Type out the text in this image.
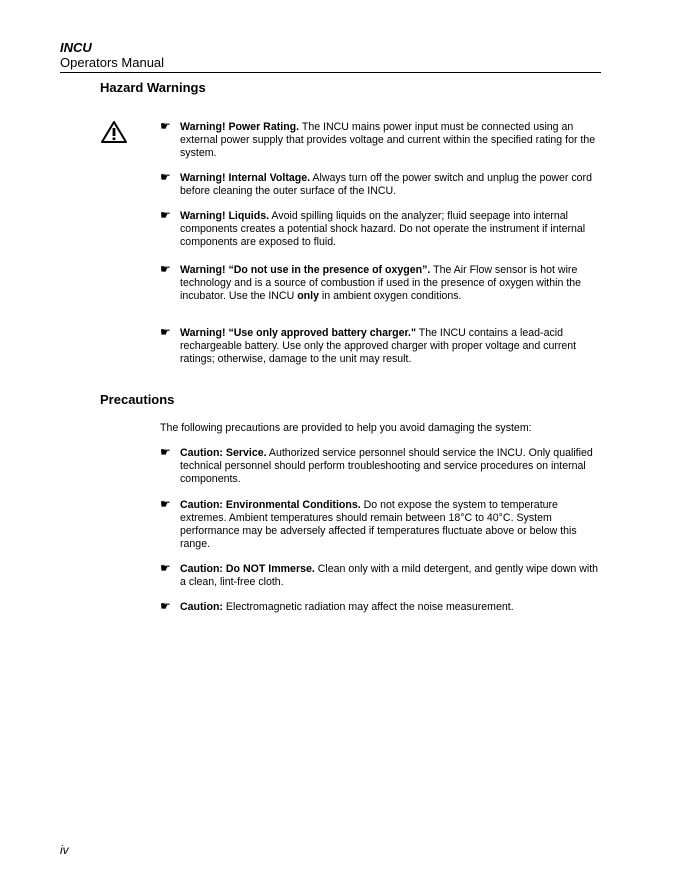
INCU
Operators Manual
Hazard Warnings
☛ Warning! Power Rating. The INCU mains power input must be connected using an external power supply that provides voltage and current within the specified rating for the system.
☛ Warning! Internal Voltage. Always turn off the power switch and unplug the power cord before cleaning the outer surface of the INCU.
☛ Warning! Liquids. Avoid spilling liquids on the analyzer; fluid seepage into internal components creates a potential shock hazard. Do not operate the instrument if internal components are exposed to fluid.
☛ Warning! “Do not use in the presence of oxygen”. The Air Flow sensor is hot wire technology and is a source of combustion if used in the presence of oxygen within the incubator. Use the INCU only in ambient oxygen conditions.
☛ Warning! “Use only approved battery charger." The INCU contains a lead-acid rechargeable battery. Use only the approved charger with proper voltage and current ratings; otherwise, damage to the unit may result.
Precautions
The following precautions are provided to help you avoid damaging the system:
☛ Caution: Service. Authorized service personnel should service the INCU. Only qualified technical personnel should perform troubleshooting and service procedures on internal components.
☛ Caution: Environmental Conditions. Do not expose the system to temperature extremes. Ambient temperatures should remain between 18°C to 40°C. System performance may be adversely affected if temperatures fluctuate above or below this range.
☛ Caution: Do NOT Immerse. Clean only with a mild detergent, and gently wipe down with a clean, lint-free cloth.
☛ Caution: Electromagnetic radiation may affect the noise measurement.
iv
